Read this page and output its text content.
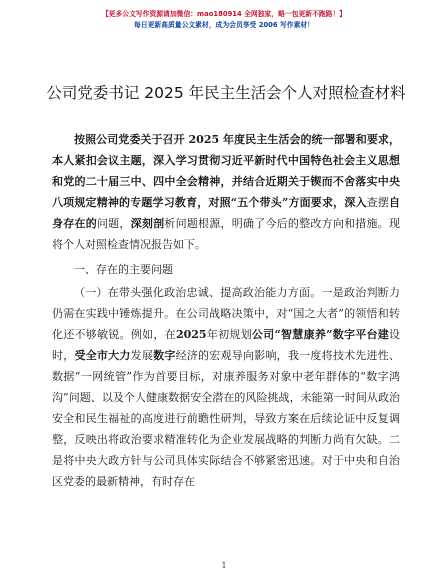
【更多公文写作资源请加微信：mao180914 全网独家，略一包更新不跑路！】
每日更新高质量公文素材，成为会员享受 2006 写作素材！
公司党委书记 2025 年民主生活会个人对照检查材料

按照公司党委关于召开 2025 年度民主生活会的统一部署和要求，本人紧扣会议主题，深入学习贯彻习近平新时代中国特色社会主义思想和党的二十届三中、四中全会精神，并结合近期关于锲而不舍落实中央八项规定精神的专题学习教育，对照“五个带头”方面要求，深入查摆自身存在的问题，深刻剖析问题根源，明确了今后的整改方向和措施。现将个人对照检查情况报告如下。

一、存在的主要问题

（一）在带头强化政治忠诚、提高政治能力方面。一是政治判断力仍需在实践中锤炼提升。在公司战略决策中，对“国之大者”的领悟和转化还不够敏锐。例如，在2025年初规划公司“智慧康养”数字平台建设时，受全市大力发展数字经济的宏观导向影响，我一度将技术先进性、数据“一网统管”作为首要目标，对康养服务对象中老年群体的“数字鸿沟”问题、以及个人健康数据安全潜在的风险挑战，未能第一时间从政治安全和民生福祉的高度进行前瞻性研判，导致方案在后续论证中反复调整，反映出将政治要求精准转化为企业发展战略的判断力尚有欠缺。二是将中央大政方针与公司具体实际结合不够紧密迅速。对于中央和自治区党委的最新精神，有时存在

1
